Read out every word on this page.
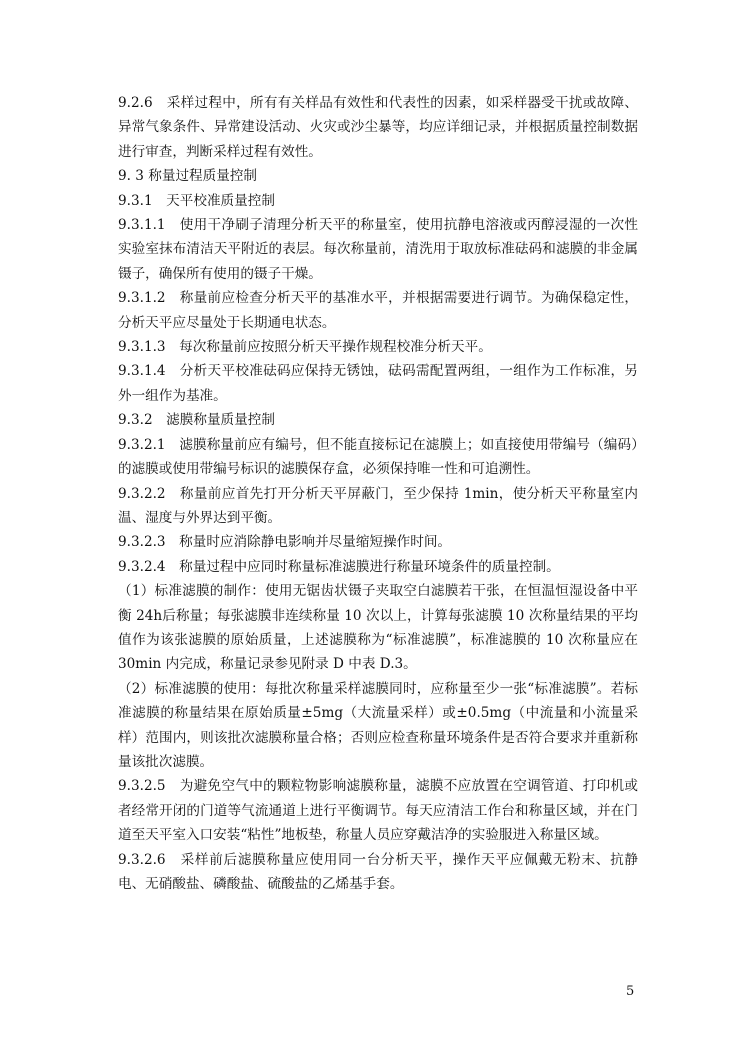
9.2.6　采样过程中，所有有关样品有效性和代表性的因素，如采样器受干扰或故障、异常气象条件、异常建设活动、火灾或沙尘暴等，均应详细记录，并根据质量控制数据进行审查，判断采样过程有效性。

9. 3 称量过程质量控制

9.3.1　天平校准质量控制

9.3.1.1　使用干净刷子清理分析天平的称量室，使用抗静电溶液或丙醇浸湿的一次性实验室抹布清洁天平附近的表层。每次称量前，清洗用于取放标准砝码和滤膜的非金属镊子，确保所有使用的镊子干燥。

9.3.1.2　称量前应检查分析天平的基准水平，并根据需要进行调节。为确保稳定性，分析天平应尽量处于长期通电状态。

9.3.1.3　每次称量前应按照分析天平操作规程校准分析天平。

9.3.1.4　分析天平校准砝码应保持无锈蚀，砝码需配置两组，一组作为工作标准，另外一组作为基准。

9.3.2　滤膜称量质量控制

9.3.2.1　滤膜称量前应有编号，但不能直接标记在滤膜上；如直接使用带编号（编码）的滤膜或使用带编号标识的滤膜保存盒，必须保持唯一性和可追溯性。

9.3.2.2　称量前应首先打开分析天平屏蔽门，至少保持 1min，使分析天平称量室内温、湿度与外界达到平衡。

9.3.2.3　称量时应消除静电影响并尽量缩短操作时间。

9.3.2.4　称量过程中应同时称量标准滤膜进行称量环境条件的质量控制。

（1）标准滤膜的制作：使用无锯齿状镊子夹取空白滤膜若干张，在恒温恒湿设备中平衡 24h后称量；每张滤膜非连续称量 10 次以上，计算每张滤膜 10 次称量结果的平均值作为该张滤膜的原始质量，上述滤膜称为“标准滤膜”，标准滤膜的 10 次称量应在 30min 内完成，称量记录参见附录 D 中表 D.3。

（2）标准滤膜的使用：每批次称量采样滤膜同时，应称量至少一张“标准滤膜”。若标准滤膜的称量结果在原始质量±5mg（大流量采样）或±0.5mg（中流量和小流量采样）范围内，则该批次滤膜称量合格；否则应检查称量环境条件是否符合要求并重新称量该批次滤膜。

9.3.2.5　为避免空气中的颗粒物影响滤膜称量，滤膜不应放置在空调管道、打印机或者经常开闭的门道等气流通道上进行平衡调节。每天应清洁工作台和称量区域，并在门道至天平室入口安装“粘性”地板垫，称量人员应穿戴洁净的实验服进入称量区域。

9.3.2.6　采样前后滤膜称量应使用同一台分析天平，操作天平应佩戴无粉末、抗静电、无硝酸盐、磷酸盐、硫酸盐的乙烯基手套。

5
